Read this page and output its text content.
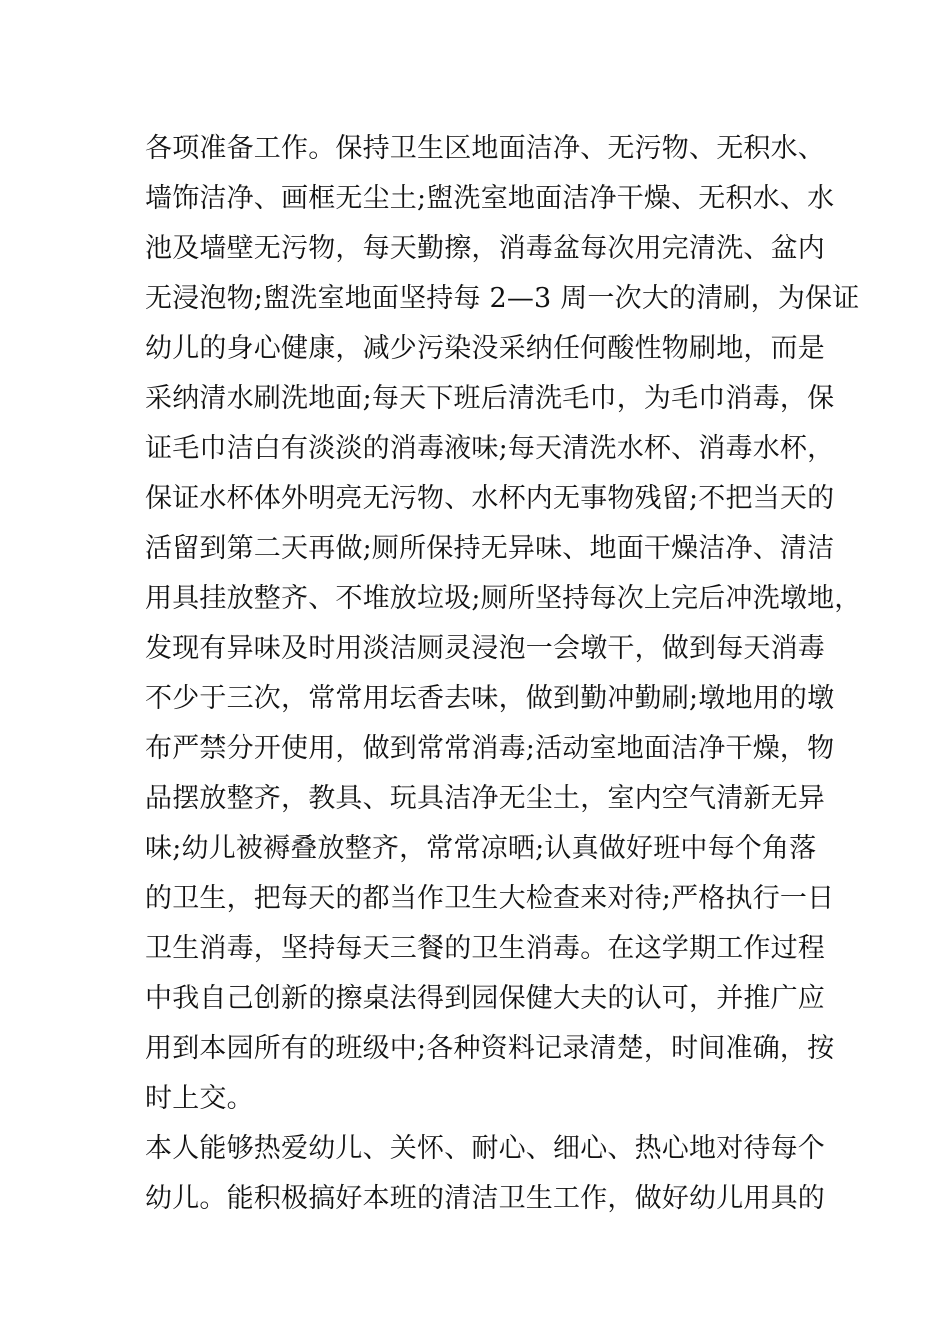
各项准备工作。保持卫生区地面洁净、无污物、无积水、
墙饰洁净、画框无尘土;盥洗室地面洁净干燥、无积水、水
池及墙壁无污物，每天勤擦，消毒盆每次用完清洗、盆内
无浸泡物;盥洗室地面坚持每 2—3 周一次大的清刷，为保证
幼儿的身心健康，减少污染没采纳任何酸性物刷地，而是
采纳清水刷洗地面;每天下班后清洗毛巾，为毛巾消毒，保
证毛巾洁白有淡淡的消毒液味;每天清洗水杯、消毒水杯，
保证水杯体外明亮无污物、水杯内无事物残留;不把当天的
活留到第二天再做;厕所保持无异味、地面干燥洁净、清洁
用具挂放整齐、不堆放垃圾;厕所坚持每次上完后冲洗墩地，
发现有异味及时用淡洁厕灵浸泡一会墩干，做到每天消毒
不少于三次，常常用坛香去味，做到勤冲勤刷;墩地用的墩
布严禁分开使用，做到常常消毒;活动室地面洁净干燥，物
品摆放整齐，教具、玩具洁净无尘土，室内空气清新无异
味;幼儿被褥叠放整齐，常常凉晒;认真做好班中每个角落
的卫生，把每天的都当作卫生大检查来对待;严格执行一日
卫生消毒，坚持每天三餐的卫生消毒。在这学期工作过程
中我自己创新的擦桌法得到园保健大夫的认可，并推广应
用到本园所有的班级中;各种资料记录清楚，时间准确，按
时上交。
本人能够热爱幼儿、关怀、耐心、细心、热心地对待每个
幼儿。能积极搞好本班的清洁卫生工作，做好幼儿用具的
